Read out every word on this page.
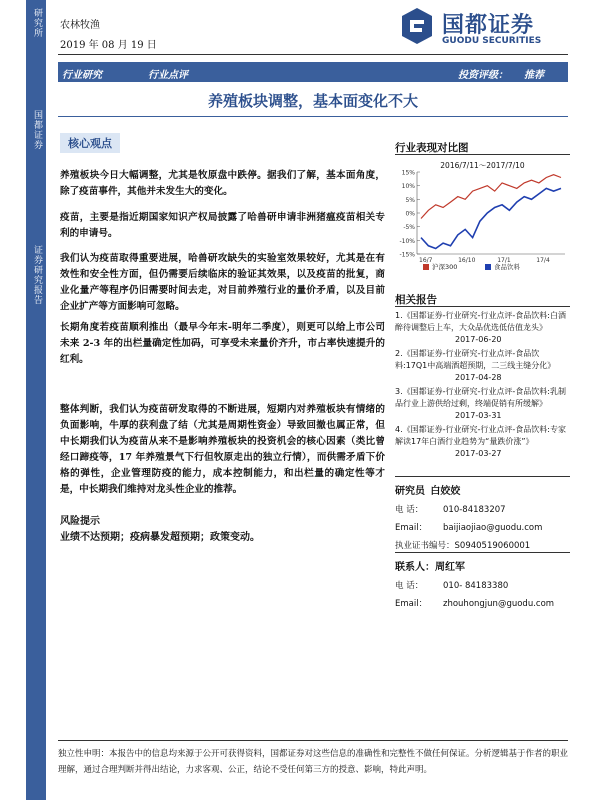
研究所
国都证券
证券研究报告
农林牧渔
2019 年 08 月 19 日
国都证券
GUODU SECURITIES
行业研究	行业点评	投资评级： 推荐
养殖板块调整，基本面变化不大
核心观点

养殖板块今日大幅调整，尤其是牧原盘中跌停。据我们了解，基本面角度，除了疫苗事件，其他并未发生大的变化。

疫苗，主要是指近期国家知识产权局披露了哈兽研申请非洲猪瘟疫苗相关专利的申请号。

我们认为疫苗取得重要进展，哈兽研攻缺失的实验室效果较好，尤其是在有效性和安全性方面，但仍需要后续临床的验证其效果，以及疫苗的批复，商业化量产等程序仍旧需要时间去走，对目前养殖行业的量价矛盾，以及目前企业扩产等方面影响可忽略。

长期角度若疫苗顺利推出（最早今年末-明年二季度），则更可以给上市公司未来 2-3 年的出栏量确定性加码，可享受未来量价齐升，市占率快速提升的红利。

整体判断，我们认为疫苗研发取得的不断进展，短期内对养殖板块有情绪的负面影响，牛厚的获利盘了结（尤其是周期性资金）导致回撤也属正常，但中长期我们认为疫苗从来不是影响养殖板块的投资机会的核心因素（类比曾经口蹄疫等，17 年养殖景气下行但牧原走出的独立行情），而供需矛盾下价格的弹性，企业管理防疫的能力，成本控制能力，和出栏量的确定性等才是，中长期我们维持对龙头性企业的推荐。

风险提示
业绩不达预期；疫病暴发超预期；政策变动。
行业表现对比图
2016/7/11～2017/7/10
15%
10%
5%
0%
-5%
-10%
-15%
16/7	16/10	17/1	17/4
沪深300	食品饮料
相关报告
1.《国都证券-行业研究-行业点评-食品饮料:白酒醉待调整后上车，大众品优选低估值龙头》
2017-06-20
2.《国都证券-行业研究-行业点评-食品饮料:17Q1中高端酒超预期，二三线主缝分化》
2017-04-28
3.《国都证券-行业研究-行业点评-食品饮料:乳制品行业上游供给过剩，终端促销有所缓解》
2017-03-31
4.《国都证券-行业研究-行业点评-食品饮料:专家解读17年白酒行业趋势为“量跌价涨”》
2017-03-27
研究员 白姣姣
电 话： 010-84183207
Email： baijiaojiao@guodu.com
执业证书编号：S0940519060001
联系人：周红军
电 话： 010- 84183380
Email： zhouhongjun@guodu.com
独立性申明：本报告中的信息均来源于公开可获得资料，国都证券对这些信息的准确性和完整性不做任何保证。分析逻辑基于作者的职业理解，通过合理判断并得出结论，力求客观、公正，结论不受任何第三方的授意、影响，特此声明。
